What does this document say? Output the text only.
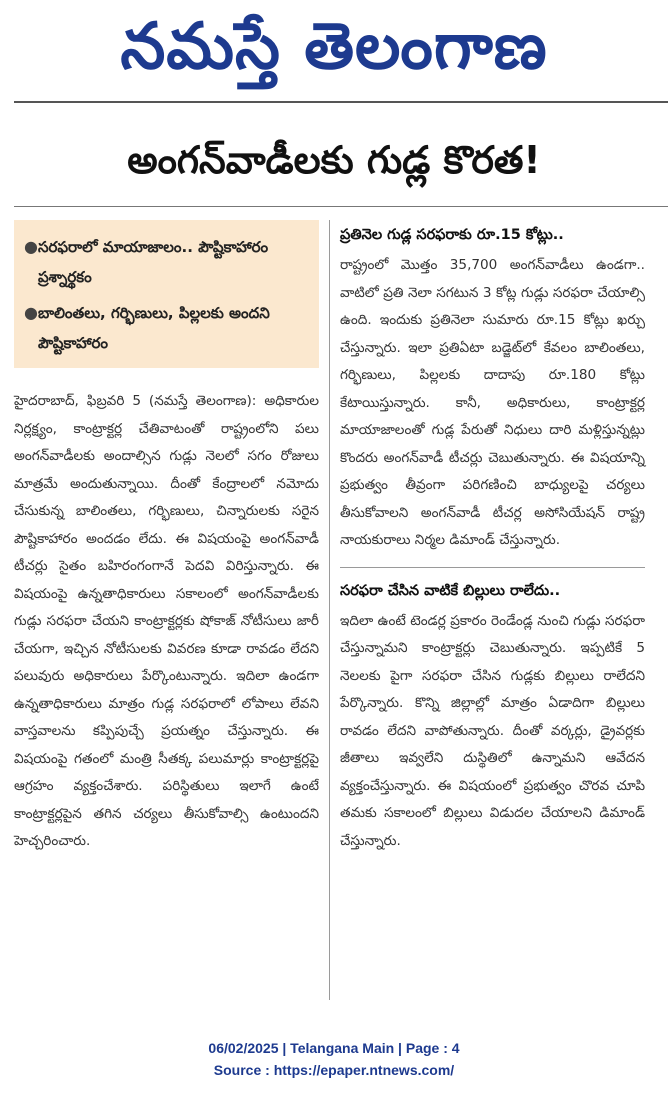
నమస్తే తెలంగాణ
అంగన్‌వాడీలకు గుడ్ల కొరత!
● సరఫరాలో మాయాజాలం.. పౌష్టికాహారం ప్రశ్నార్థకం
● బాలింతలు, గర్భిణులు, పిల్లలకు అందని పౌష్టికాహారం

హైదరాబాద్, ఫిబ్రవరి 5 (నమస్తే తెలంగాణ): అధికారుల నిర్లక్ష్యం, కాంట్రాక్టర్ల చేతివాటంతో రాష్ట్రంలోని పలు అంగన్‌వాడీలకు అందాల్సిన గుడ్లు నెలలో సగం రోజులు మాత్రమే అందుతున్నాయి. దీంతో కేంద్రాలలో నమోదు చేసుకున్న బాలింతలు, గర్భిణులు, చిన్నారులకు సరైన పౌష్టికాహారం అందడం లేదు. ఈ విషయంపై అంగన్‌వాడీ టీచర్లు సైతం బహిరంగంగానే పెదవి విరిస్తున్నారు. ఈ విషయంపై ఉన్నతాధికారులు సకాలంలో అంగన్‌వాడీలకు గుడ్లు సరఫరా చేయని కాంట్రాక్టర్లకు షోకాజ్ నోటీసులు జారీ చేయగా, ఇచ్చిన నోటీసులకు వివరణ కూడా రావడం లేదని పలువురు అధికారులు పేర్కొంటున్నారు. ఇదిలా ఉండగా ఉన్నతాధికారులు మాత్రం గుడ్ల సరఫరాలో లోపాలు లేవని వాస్తవాలను కప్పిపుచ్చే ప్రయత్నం చేస్తున్నారు. ఈ విషయంపై గతంలో మంత్రి సీతక్క పలుమార్లు కాంట్రాక్టర్లపై ఆగ్రహం వ్యక్తంచేశారు. పరిస్థితులు ఇలాగే ఉంటే కాంట్రాక్టర్లపైన తగిన చర్యలు తీసుకోవాల్సి ఉంటుందని హెచ్చరించారు.

ప్రతినెల గుడ్ల సరఫరాకు రూ.15 కోట్లు..

రాష్ట్రంలో మొత్తం 35,700 అంగన్‌వాడీలు ఉండగా.. వాటిలో ప్రతి నెలా సగటున 3 కోట్ల గుడ్లు సరఫరా చేయాల్సి ఉంది. ఇందుకు ప్రతినెలా సుమారు రూ.15 కోట్లు ఖర్చు చేస్తున్నారు. ఇలా ప్రతిఏటా బడ్జెట్‌లో కేవలం బాలింతలు, గర్భిణులు, పిల్లలకు దాదాపు రూ.180 కోట్లు కేటాయిస్తున్నారు. కానీ, అధికారులు, కాంట్రాక్టర్ల మాయాజాలంతో గుడ్ల పేరుతో నిధులు దారి మళ్లిస్తున్నట్లు కొందరు అంగన్‌వాడీ టీచర్లు చెబుతున్నారు. ఈ విషయాన్ని ప్రభుత్వం తీవ్రంగా పరిగణించి బాధ్యులపై చర్యలు తీసుకోవాలని అంగన్‌వాడీ టీచర్ల అసోసియేషన్ రాష్ట్ర నాయకురాలు నిర్మల డిమాండ్ చేస్తున్నారు.

సరఫరా చేసిన వాటికే బిల్లులు రాలేదు..

ఇదిలా ఉంటే టెండర్ల ప్రకారం రెండేండ్ల నుంచి గుడ్లు సరఫరా చేస్తున్నామని కాంట్రాక్టర్లు చెబుతున్నారు. ఇప్పటికే 5 నెలలకు పైగా సరఫరా చేసిన గుడ్లకు బిల్లులు రాలేదని పేర్కొన్నారు. కొన్ని జిల్లాల్లో మాత్రం ఏడాదిగా బిల్లులు రావడం లేదని వాపోతున్నారు. దీంతో వర్కర్లు, డ్రైవర్లకు జీతాలు ఇవ్వలేని దుస్థితిలో ఉన్నామని ఆవేదన వ్యక్తంచేస్తున్నారు. ఈ విషయంలో ప్రభుత్వం చొరవ చూపి తమకు సకాలంలో బిల్లులు విడుదల చేయాలని డిమాండ్ చేస్తున్నారు.

06/02/2025 | Telangana Main | Page : 4
Source : https://epaper.ntnews.com/
